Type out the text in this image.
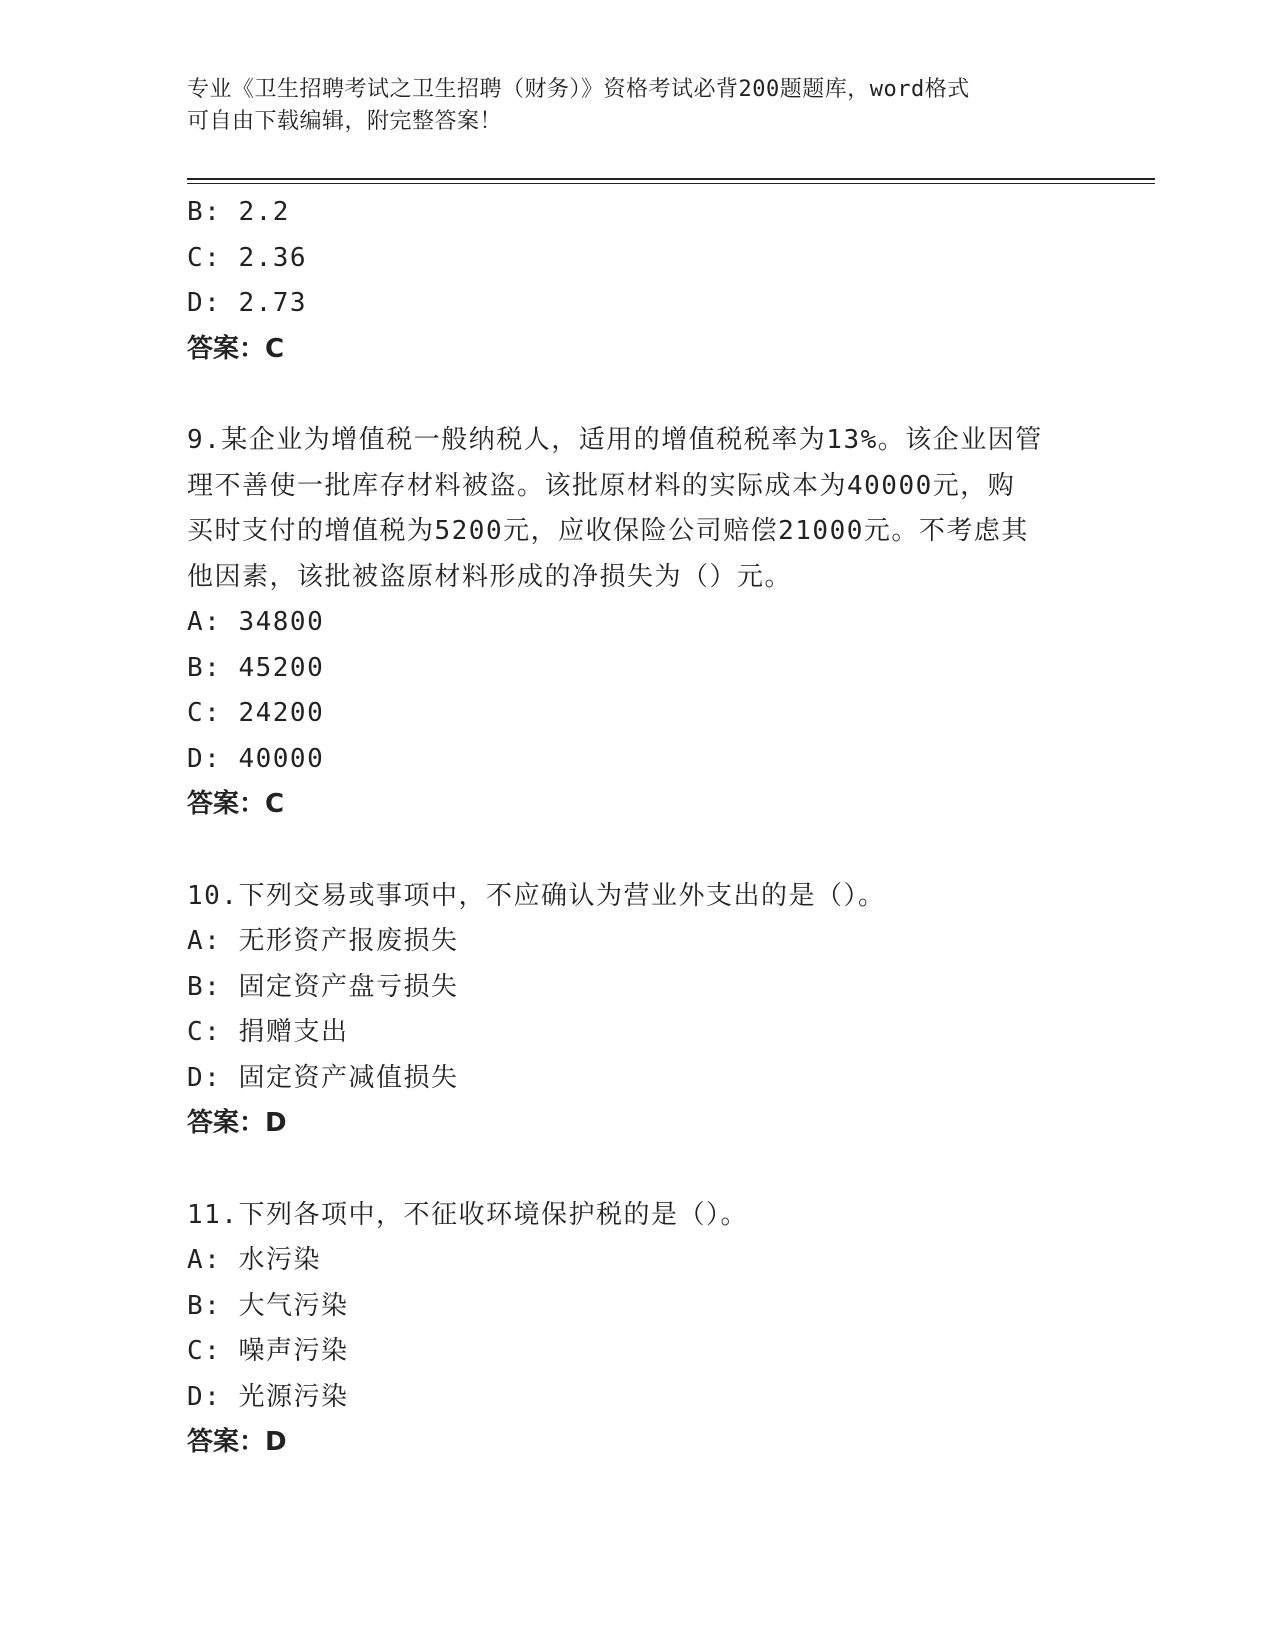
专业《卫生招聘考试之卫生招聘（财务）》资格考试必背200题题库，word格式
可自由下载编辑，附完整答案！
B: 2.2
C: 2.36
D: 2.73
答案：C
9.某企业为增值税一般纳税人，适用的增值税税率为13%。该企业因管
理不善使一批库存材料被盗。该批原材料的实际成本为40000元，购
买时支付的增值税为5200元，应收保险公司赔偿21000元。不考虑其
他因素，该批被盗原材料形成的净损失为（）元。
A: 34800
B: 45200
C: 24200
D: 40000
答案：C
10.下列交易或事项中，不应确认为营业外支出的是（）。
A: 无形资产报废损失
B: 固定资产盘亏损失
C: 捐赠支出
D: 固定资产减值损失
答案：D
11.下列各项中，不征收环境保护税的是（）。
A: 水污染
B: 大气污染
C: 噪声污染
D: 光源污染
答案：D
